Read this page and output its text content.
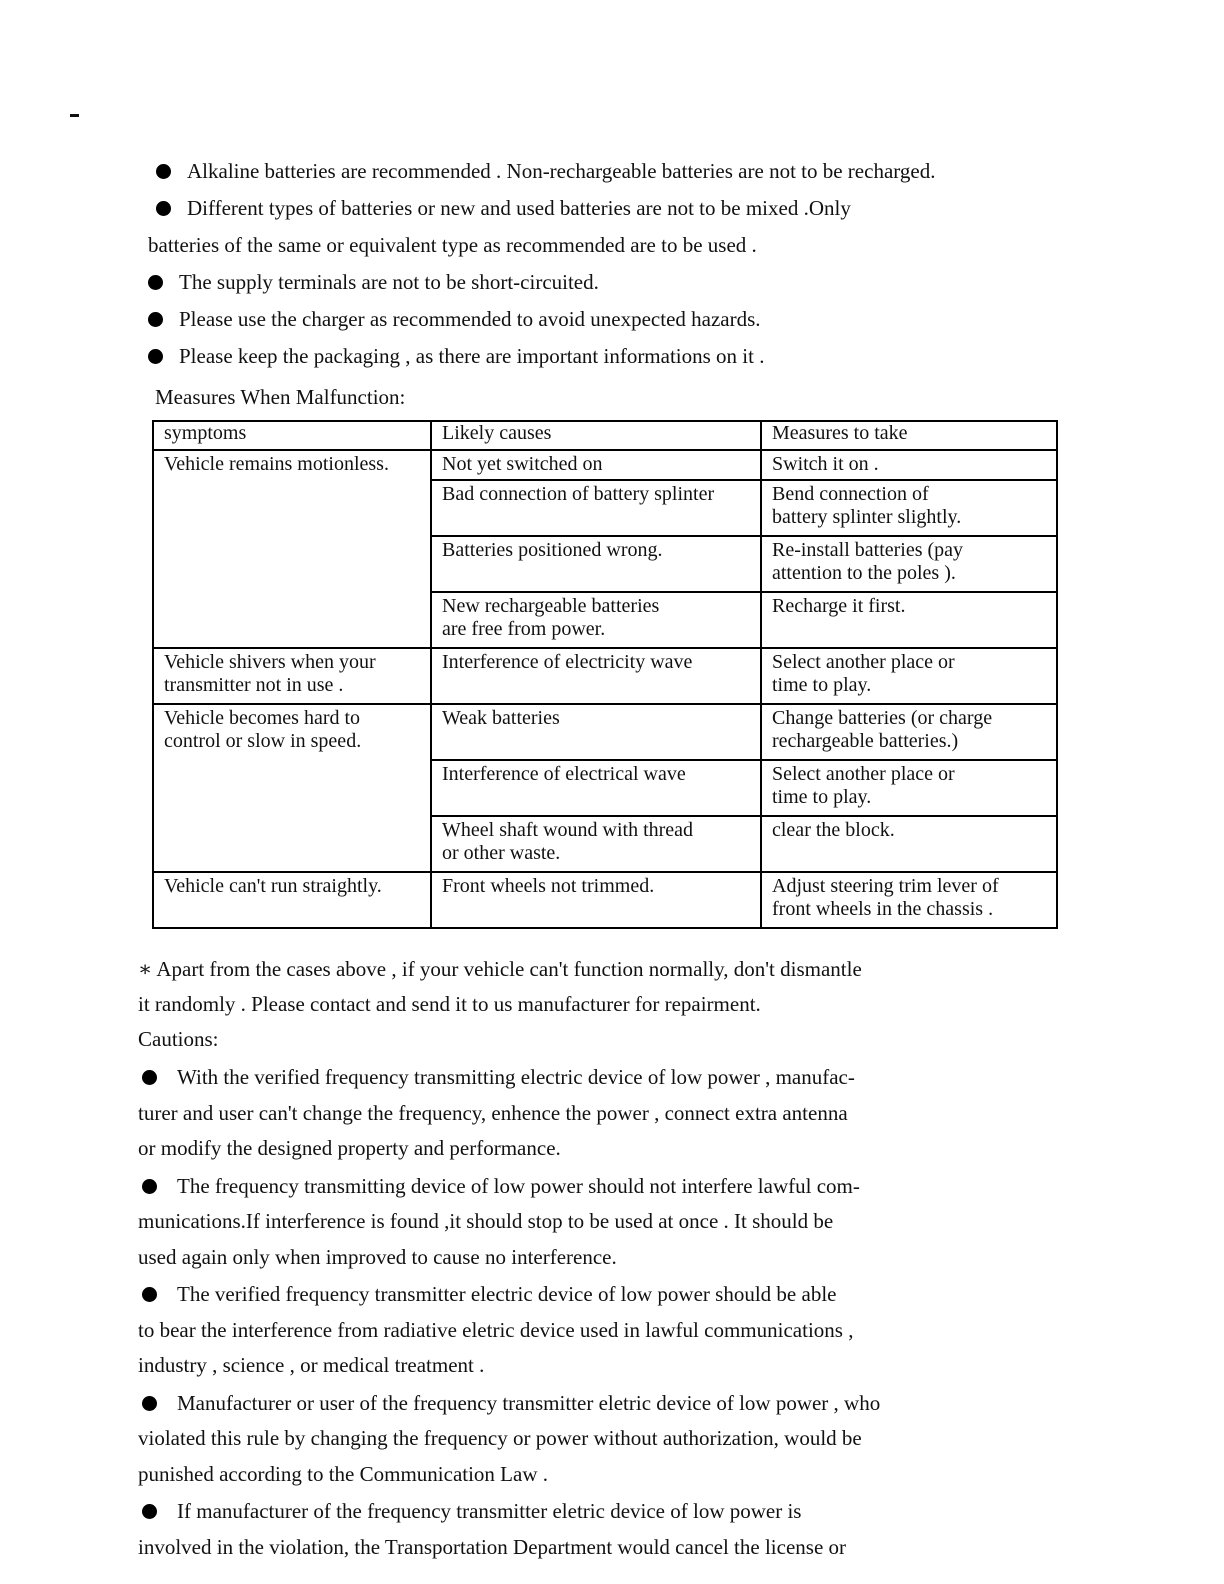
Alkaline batteries are recommended . Non-rechargeable batteries are not to be recharged.
Different types of batteries or new and used batteries are not to be mixed .Only
batteries of the same or equivalent type as recommended are to be used .
The supply terminals are not to be short-circuited.
Please use the charger as recommended to avoid unexpected hazards.
Please keep the packaging , as there are important informations on it .
Measures When Malfunction:
symptoms	Likely causes	Measures to take
Vehicle remains motionless.	Not yet switched on	Switch it on .
	Bad connection of battery splinter	Bend connection of
battery splinter slightly.
	Batteries positioned wrong.	Re-install batteries (pay
attention to the poles ).
	New rechargeable batteries
are free from power.	Recharge it first.
Vehicle shivers when your
transmitter not in use .	Interference of electricity wave	Select another place or
time to play.
Vehicle becomes hard to
control or slow in speed.	Weak batteries	Change batteries (or charge
rechargeable batteries.)
	Interference of electrical wave	Select another place or
time to play.
	Wheel shaft wound with thread
or other waste.	clear the block.
Vehicle can't run straightly.	Front wheels not trimmed.	Adjust steering trim lever of
front wheels in the chassis .
∗ Apart from the cases above , if your vehicle can't function normally, don't dismantle
it randomly . Please contact and send it to us manufacturer for repairment.
Cautions:
With the verified frequency transmitting electric device of low power , manufac-
turer and user can't change the frequency, enhence the power , connect extra antenna
or modify the designed property and performance.
The frequency transmitting device of low power should not interfere lawful com-
munications.If interference is found ,it should stop to be used at once . It should be
used again only when improved to cause no interference.
The verified frequency transmitter electric device of low power should be able
to bear the interference from radiative eletric device used in lawful communications ,
industry , science , or medical treatment .
Manufacturer or user of the frequency transmitter eletric device of low power , who
violated this rule by changing the frequency or power without authorization, would be
punished according to the Communication Law .
If manufacturer of the frequency transmitter eletric device of low power is
involved in the violation, the Transportation Department would cancel the license or
